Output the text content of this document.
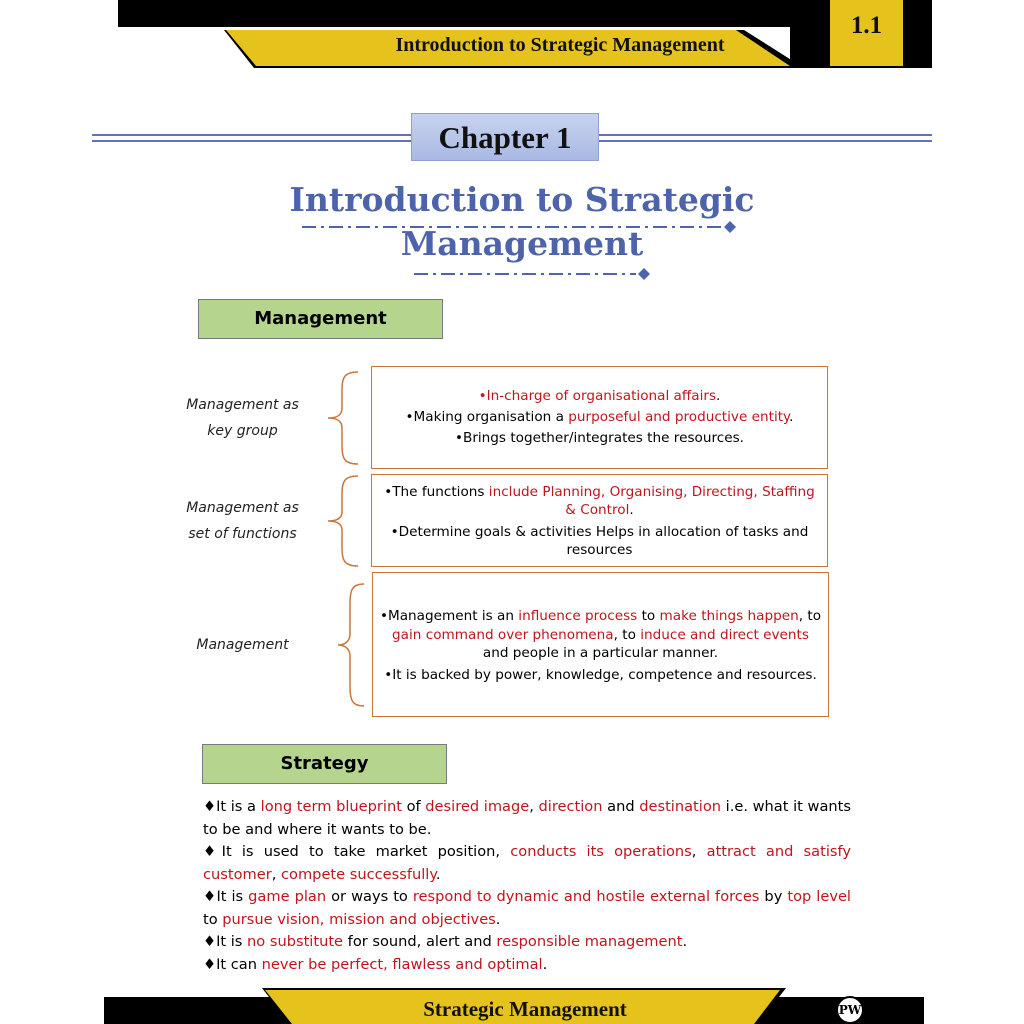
Introduction to Strategic Management
1.1
Chapter 1
Introduction to Strategic
Management
Management
Management as
key group

•In-charge of organisational affairs.

•Making organisation a purposeful and productive entity.

•Brings together/integrates the resources.

Management as
set of functions

•The functions include Planning, Organising, Directing, Staffing & Control.

•Determine goals & activities Helps in allocation of tasks and resources

Management

•Management is an influence process to make things happen, to gain command over phenomena, to induce and direct events and people in a particular manner.

•It is backed by power, knowledge, competence and resources.

Strategy

♦It is a long term blueprint of desired image, direction and destination i.e. what it wants to be and where it wants to be.

♦It is used to take market position, conducts its operations, attract and satisfy customer, compete successfully.

♦It is game plan or ways to respond to dynamic and hostile external forces by top level to pursue vision, mission and objectives.

♦It is no substitute for sound, alert and responsible management.

♦It can never be perfect, flawless and optimal.

Strategic Management	PW
